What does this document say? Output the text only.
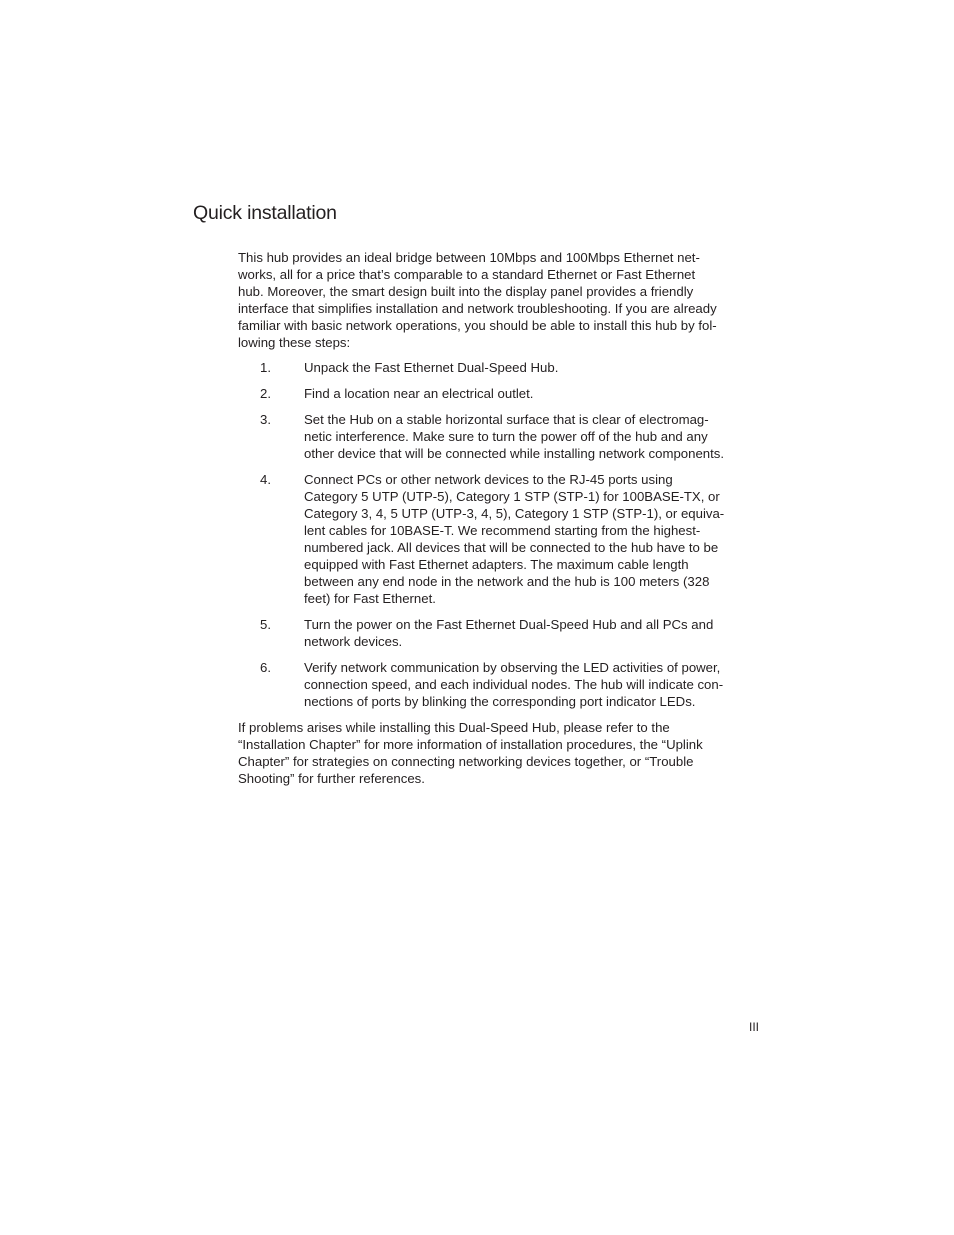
Quick installation

This hub provides an ideal bridge between 10Mbps and 100Mbps Ethernet net-
works, all for a price that’s comparable to a standard Ethernet or Fast Ethernet
hub. Moreover, the smart design built into the display panel provides a friendly
interface that simplifies installation and network troubleshooting. If you are already
familiar with basic network operations, you should be able to install this hub by fol-
lowing these steps:

1.	Unpack the Fast Ethernet Dual-Speed Hub.
2.	Find a location near an electrical outlet.
3.	Set the Hub on a stable horizontal surface that is clear of electromag-
netic interference. Make sure to turn the power off of the hub and any
other device that will be connected while installing network components.
4.	Connect PCs or other network devices to the RJ-45 ports using
Category 5 UTP (UTP-5), Category 1 STP (STP-1) for 100BASE-TX, or
Category 3, 4, 5 UTP (UTP-3, 4, 5), Category 1 STP (STP-1), or equiva-
lent cables for 10BASE-T. We recommend starting from the highest-
numbered jack. All devices that will be connected to the hub have to be
equipped with Fast Ethernet adapters. The maximum cable length
between any end node in the network and the hub is 100 meters (328
feet) for Fast Ethernet.
5.	Turn the power on the Fast Ethernet Dual-Speed Hub and all PCs and
network devices.
6.	Verify network communication by observing the LED activities of power,
connection speed, and each individual nodes. The hub will indicate con-
nections of ports by blinking the corresponding port indicator LEDs.

If problems arises while installing this Dual-Speed Hub, please refer to the
“Installation Chapter” for more information of installation procedures, the “Uplink
Chapter” for strategies on connecting networking devices together, or “Trouble
Shooting” for further references.

III
